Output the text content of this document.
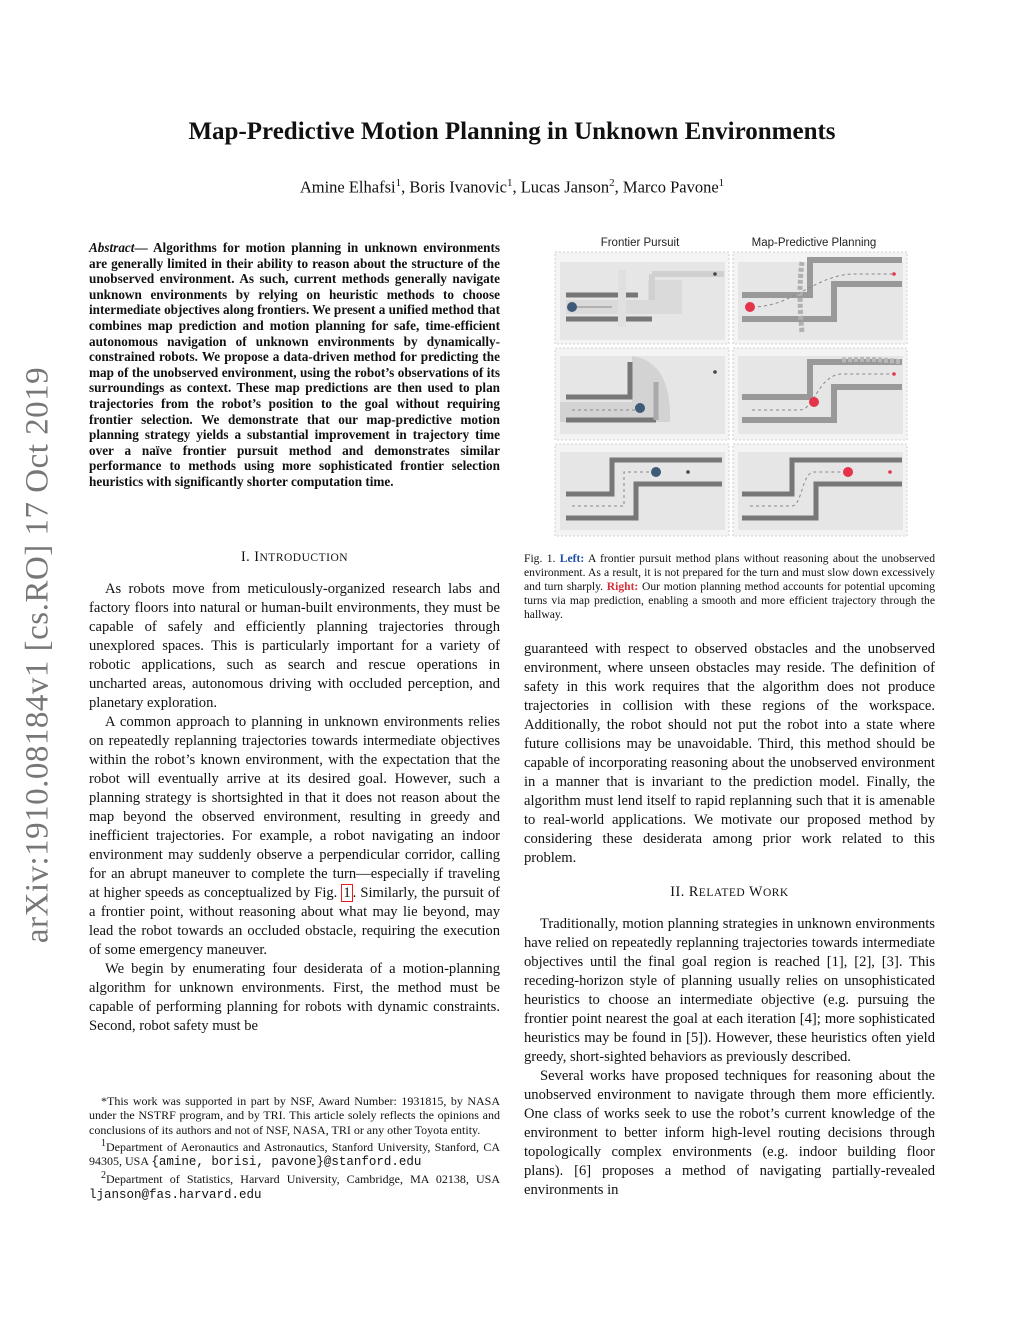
arXiv:1910.08184v1 [cs.RO] 17 Oct 2019
Map-Predictive Motion Planning in Unknown Environments
Amine Elhafsi$^1$, Boris Ivanovic$^1$, Lucas Janson$^2$, Marco Pavone$^1$
Abstract— Algorithms for motion planning in unknown environments are generally limited in their ability to reason about the structure of the unobserved environment. As such, current methods generally navigate unknown environments by relying on heuristic methods to choose intermediate objectives along frontiers. We present a unified method that combines map prediction and motion planning for safe, time-efficient autonomous navigation of unknown environments by dynamically-constrained robots. We propose a data-driven method for predicting the map of the unobserved environment, using the robot’s observations of its surroundings as context. These map predictions are then used to plan trajectories from the robot’s position to the goal without requiring frontier selection. We demonstrate that our map-predictive motion planning strategy yields a substantial improvement in trajectory time over a naïve frontier pursuit method and demonstrates similar performance to methods using more sophisticated frontier selection heuristics with significantly shorter computation time.

I. INTRODUCTION

As robots move from meticulously-organized research labs and factory floors into natural or human-built environments, they must be capable of safely and efficiently planning trajectories through unexplored spaces. This is particularly important for a variety of robotic applications, such as search and rescue operations in uncharted areas, autonomous driving with occluded perception, and planetary exploration.

A common approach to planning in unknown environments relies on repeatedly replanning trajectories towards intermediate objectives within the robot’s known environment, with the expectation that the robot will eventually arrive at its desired goal. However, such a planning strategy is shortsighted in that it does not reason about the map beyond the observed environment, resulting in greedy and inefficient trajectories. For example, a robot navigating an indoor environment may suddenly observe a perpendicular corridor, calling for an abrupt maneuver to complete the turn—especially if traveling at higher speeds as conceptualized by Fig. 1 . Similarly, the pursuit of a frontier point, without reasoning about what may lie beyond, may lead the robot towards an occluded obstacle, requiring the execution of some emergency maneuver.

We begin by enumerating four desiderata of a motion-planning algorithm for unknown environments. First, the method must be capable of performing planning for robots with dynamic constraints. Second, robot safety must be

*This work was supported in part by NSF, Award Number: 1931815, by NASA under the NSTRF program, and by TRI. This article solely reflects the opinions and conclusions of its authors and not of NSF, NASA, TRI or any other Toyota entity.

$^1$Department of Aeronautics and Astronautics, Stanford University, Stanford, CA 94305, USA {amine, borisi, pavone}@stanford.edu

$^2$Department of Statistics, Harvard University, Cambridge, MA 02138, USA ljanson@fas.harvard.edu

Frontier Pursuit	Map-Predictive Planning
Fig. 1. Left: A frontier pursuit method plans without reasoning about the unobserved environment. As a result, it is not prepared for the turn and must slow down excessively and turn sharply. Right: Our motion planning method accounts for potential upcoming turns via map prediction, enabling a smooth and more efficient trajectory through the hallway.

guaranteed with respect to observed obstacles and the unobserved environment, where unseen obstacles may reside. The definition of safety in this work requires that the algorithm does not produce trajectories in collision with these regions of the workspace. Additionally, the robot should not put the robot into a state where future collisions may be unavoidable. Third, this method should be capable of incorporating reasoning about the unobserved environment in a manner that is invariant to the prediction model. Finally, the algorithm must lend itself to rapid replanning such that it is amenable to real-world applications. We motivate our proposed method by considering these desiderata among prior work related to this problem.

II. RELATED WORK

Traditionally, motion planning strategies in unknown environments have relied on repeatedly replanning trajectories towards intermediate objectives until the final goal region is reached [1], [2], [3]. This receding-horizon style of planning usually relies on unsophisticated heuristics to choose an intermediate objective (e.g. pursuing the frontier point nearest the goal at each iteration [4]; more sophisticated heuristics may be found in [5]). However, these heuristics often yield greedy, short-sighted behaviors as previously described.

Several works have proposed techniques for reasoning about the unobserved environment to navigate through them more efficiently. One class of works seek to use the robot’s current knowledge of the environment to better inform high-level routing decisions through topologically complex environments (e.g. indoor building floor plans). [6] proposes a method of navigating partially-revealed environments in
